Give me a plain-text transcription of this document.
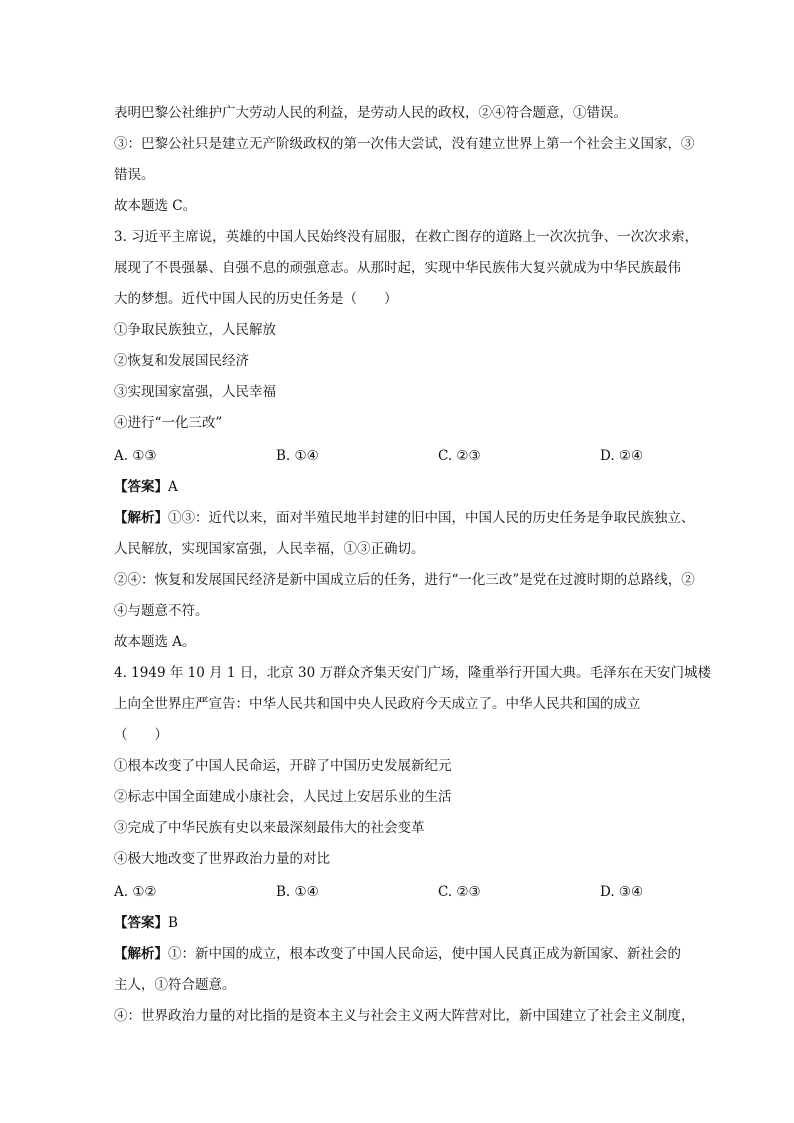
表明巴黎公社维护广大劳动人民的利益，是劳动人民的政权，②④符合题意，①错误。
③：巴黎公社只是建立无产阶级政权的第一次伟大尝试，没有建立世界上第一个社会主义国家，③
错误。
故本题选 C。
3. 习近平主席说，英雄的中国人民始终没有屈服，在救亡图存的道路上一次次抗争、一次次求索，
展现了不畏强暴、自强不息的顽强意志。从那时起，实现中华民族伟大复兴就成为中华民族最伟
大的梦想。近代中国人民的历史任务是（　　）
①争取民族独立，人民解放
②恢复和发展国民经济
③实现国家富强，人民幸福
④进行“一化三改”
A. ①③	B. ①④	C. ②③	D. ②④
【答案】A
【解析】①③：近代以来，面对半殖民地半封建的旧中国，中国人民的历史任务是争取民族独立、
人民解放，实现国家富强，人民幸福，①③正确切。
②④：恢复和发展国民经济是新中国成立后的任务，进行“一化三改”是党在过渡时期的总路线，②
④与题意不符。
故本题选 A。
4. 1949 年 10 月 1 日，北京 30 万群众齐集天安门广场，隆重举行开国大典。毛泽东在天安门城楼
上向全世界庄严宣告：中华人民共和国中央人民政府今天成立了。中华人民共和国的成立
（　　）
①根本改变了中国人民命运，开辟了中国历史发展新纪元
②标志中国全面建成小康社会，人民过上安居乐业的生活
③完成了中华民族有史以来最深刻最伟大的社会变革
④极大地改变了世界政治力量的对比
A. ①②	B. ①④	C. ②③	D. ③④
【答案】B
【解析】①：新中国的成立，根本改变了中国人民命运，使中国人民真正成为新国家、新社会的
主人，①符合题意。
④：世界政治力量的对比指的是资本主义与社会主义两大阵营对比，新中国建立了社会主义制度，
